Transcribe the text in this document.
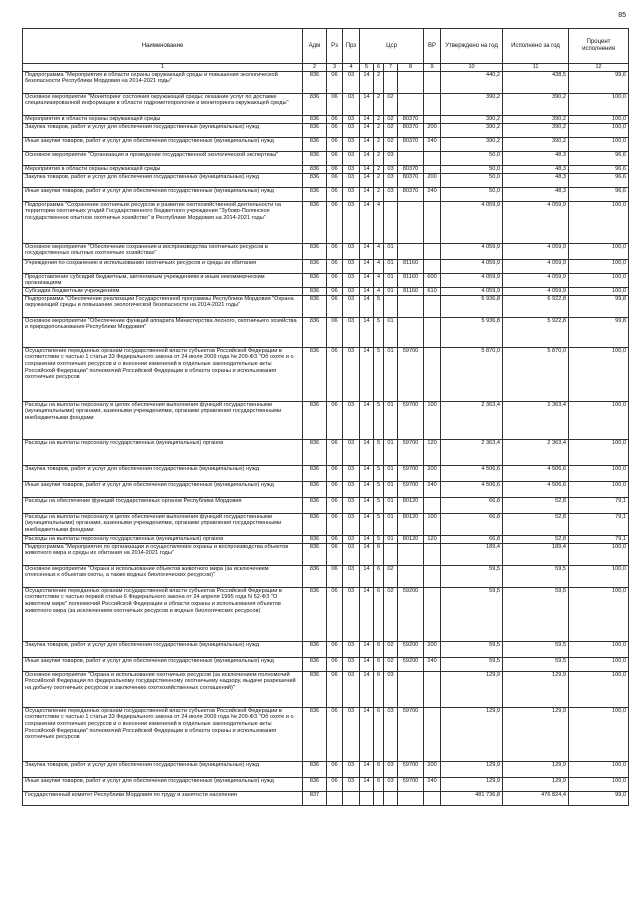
85
Наименование	Адм	Рз	Прз	Цср				ВР	Утверждено на год	Исполнено за год	Процент исполнения
1	2	3	4	5	6	7	8	9	10	11	12
Подпрограмма "Мероприятия в области охраны окружающей среды и повышения экологической безопасности Республики Мордовия на 2014-2021 годы"	836	06	03	14	2				440,2	438,5	99,6
Основное мероприятие "Мониторинг состояния окружающей среды; оказание услуг по доставке специализированной информации в области гидрометеорологии и мониторинга окружающей среды"	836	06	03	14	2	02			390,2	390,2	100,0
Мероприятия в области охраны окружающей среды	836	06	03	14	2	02	80370		390,2	390,2	100,0
Закупка товаров, работ и услуг для обеспечения государственных (муниципальных) нужд	836	06	03	14	2	02	80370	200	390,2	390,2	100,0
Иные закупки товаров, работ и услуг для обеспечения государственных (муниципальных) нужд	836	06	03	14	2	02	80370	240	390,2	390,2	100,0
Основное мероприятие "Организация и проведение государственной экологической экспертизы"	836	06	03	14	2	03			50,0	48,3	96,6
Мероприятия в области охраны окружающей среды	836	06	03	14	2	03	80370		50,0	48,3	96,6
Закупка товаров, работ и услуг для обеспечения государственных (муниципальных) нужд	836	06	03	14	2	03	80370	200	50,0	48,3	96,6
Иные закупки товаров, работ и услуг для обеспечения государственных (муниципальных) нужд	836	06	03	14	2	03	80370	240	50,0	48,3	96,6
Подпрограмма "Сохранение охотничьих ресурсов и развитие охотхозяйственной деятельности на территории охотничьих угодий Государственного бюджетного учреждения "Зубово-Полянское государственное опытное охотничье хозяйство" в Республике Мордовия на 2014-2021 годы"	836	06	03	14	4				4 059,9	4 059,9	100,0
Основное мероприятие "Обеспечение сохранения и воспроизводства охотничьих ресурсов в государственных опытных охотничьих хозяйствах"	836	06	03	14	4	01			4 059,9	4 059,9	100,0
Учреждения по сохранению и использованию охотничьих ресурсов и среды их обитания	836	06	03	14	4	01	81160		4 059,9	4 059,9	100,0
Предоставление субсидий бюджетным, автономным учреждениям и иным некоммерческим организациям	836	06	03	14	4	01	81160	600	4 059,9	4 059,9	100,0
Субсидии бюджетным учреждениям	836	06	03	14	4	01	81160	610	4 059,9	4 059,9	100,0
Подпрограмма "Обеспечение реализации Государственной программы Республики Мордовия "Охрана окружающей среды и повышение экологической безопасности на 2014-2021 годы"	836	06	03	14	5				6 936,8	6 922,8	99,8
Основное мероприятие "Обеспечение функций аппарата Министерства лесного, охотничьего хозяйства и природопользования Республики Мордовия"	836	06	03	14	5	01			5 936,8	5 922,8	99,8
Осуществление переданных органам государственной власти субъектов Российской Федерации в соответствии с частью 1 статьи 33 Федерального закона от 24 июля 2009 года № 209-ФЗ "Об охоте и о сохранении охотничьих ресурсов и о внесении изменений в отдельные законодательные акты Российской Федерации" полномочий Российской Федерации в области охраны и использования охотничьих ресурсов	836	06	03	14	5	01	59700		5 870,0	5 870,0	100,0
Расходы на выплаты персоналу в целях обеспечения выполнения функций государственными (муниципальными) органами, казенными учреждениями, органами управления государственными внебюджетными фондами	836	06	03	14	5	01	59700	100	2 363,4	2 363,4	100,0
Расходы на выплаты персоналу государственных (муниципальных) органов	836	06	03	14	5	01	59700	120	2 363,4	2 363,4	100,0
Закупка товаров, работ и услуг для обеспечения государственных (муниципальных) нужд	836	06	03	14	5	01	59700	200	4 506,6	4 506,6	100,0
Иные закупки товаров, работ и услуг для обеспечения государственных (муниципальных) нужд	836	06	03	14	5	01	59700	240	4 506,6	4 506,6	100,0
Расходы на обеспечение функций государственных органов Республики Мордовия	836	06	03	14	5	01	80120		66,8	52,8	79,1
Расходы на выплаты персоналу в целях обеспечения выполнения функций государственными (муниципальными) органами, казенными учреждениями, органами управления государственными внебюджетными фондами	836	06	03	14	5	01	80120	100	66,8	52,8	79,1
Расходы на выплаты персоналу государственных (муниципальных) органов	836	06	03	14	5	01	80120	120	66,8	52,8	79,1
Подпрограмма "Мероприятия по организации и осуществлению охраны и воспроизводства объектов животного мира и среды их обитания на 2014-2021 годы"	836	06	03	14	6				189,4	189,4	100,0
Основное мероприятие "Охрана и использование объектов животного мира (за исключением отнесенных к объектам охоты, а также водных биологических ресурсов)"	836	06	03	14	6	02			59,5	59,5	100,0
Осуществление переданных органам государственной власти субъектов Российской Федерации в соответствии с частью первой статьи 6 Федерального закона от 24 апреля 1995 года N 52-ФЗ "О животном мире" полномочий Российской Федерации в области охраны и использования объектов животного мира (за исключением охотничьих ресурсов и водных биологических ресурсов)	836	06	03	14	6	02	59200		59,5	59,5	100,0
Закупка товаров, работ и услуг для обеспечения государственных (муниципальных) нужд	836	06	03	14	6	02	59200	200	59,5	59,5	100,0
Иные закупки товаров, работ и услуг для обеспечения государственных (муниципальных) нужд	836	06	03	14	6	02	59200	240	59,5	59,5	100,0
Основное мероприятие "Охрана и использование охотничьих ресурсов (за исключением полномочий Российской Федерации по федеральному государственному охотничьему надзору, выдаче разрешений на добычу охотничьих ресурсов и заключению охотхозяйственных соглашений)"	836	06	03	14	6	03			129,9	129,9	100,0
Осуществление переданных органам государственной власти субъектов Российской Федерации в соответствии с частью 1 статьи 33 Федерального закона от 24 июля 2009 года № 209-ФЗ "Об охоте и о сохранении охотничьих ресурсов и о внесении изменений в отдельные законодательные акты Российской Федерации" полномочий Российской Федерации в области охраны и использования охотничьих ресурсов	836	06	03	14	6	03	59700		129,9	129,9	100,0
Закупка товаров, работ и услуг для обеспечения государственных (муниципальных) нужд	836	06	03	14	6	03	59700	200	129,9	129,9	100,0
Иные закупки товаров, работ и услуг для обеспечения государственных (муниципальных) нужд	836	06	03	14	6	03	59700	240	129,9	129,9	100,0
Государственный комитет Республики Мордовия по труду и занятости населения	837								481 736,8	476 824,4	99,0
